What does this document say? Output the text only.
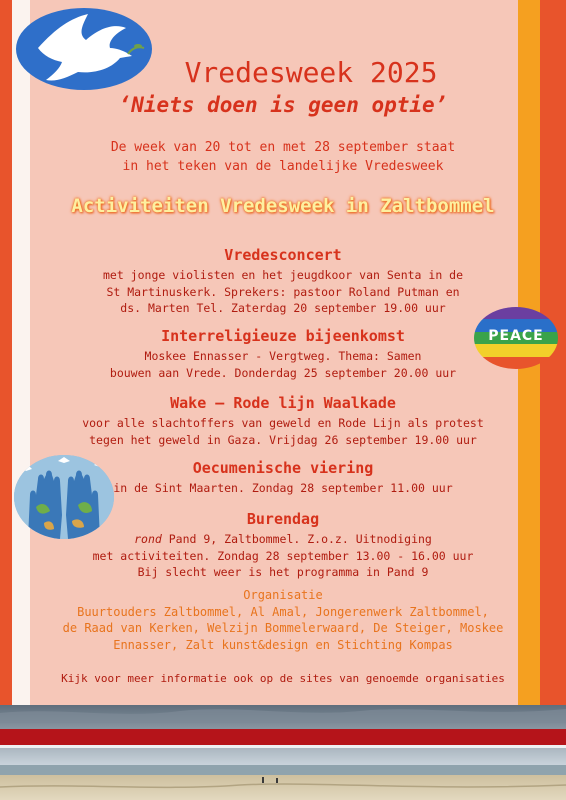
Vredesweek 2025
‘Niets doen is geen optie’
De week van 20 tot en met 28 september staat
in het teken van de landelijke Vredesweek
Activiteiten Vredesweek in Zaltbommel
Vredesconcert
met jonge violisten en het jeugdkoor van Senta in de
St Martinuskerk. Sprekers: pastoor Roland Putman en
ds. Marten Tel. Zaterdag 20 september 19.00 uur
Interreligieuze bijeenkomst
Moskee Ennasser - Vergtweg. Thema: Samen
bouwen aan Vrede. Donderdag 25 september 20.00 uur
Wake – Rode lijn Waalkade
voor alle slachtoffers van geweld en Rode Lijn als protest
tegen het geweld in Gaza. Vrijdag 26 september 19.00 uur
Oecumenische viering
in de Sint Maarten. Zondag 28 september 11.00 uur
Burendag
rond Pand 9, Zaltbommel. Z.o.z. Uitnodiging
met activiteiten. Zondag 28 september 13.00 - 16.00 uur
Bij slecht weer is het programma in Pand 9
Organisatie
Buurtouders Zaltbommel, Al Amal, Jongerenwerk Zaltbommel,
de Raad van Kerken, Welzijn Bommelerwaard, De Steiger, Moskee
Ennasser, Zalt kunst&design en Stichting Kompas
Kijk voor meer informatie ook op de sites van genoemde organisaties
PEACE
